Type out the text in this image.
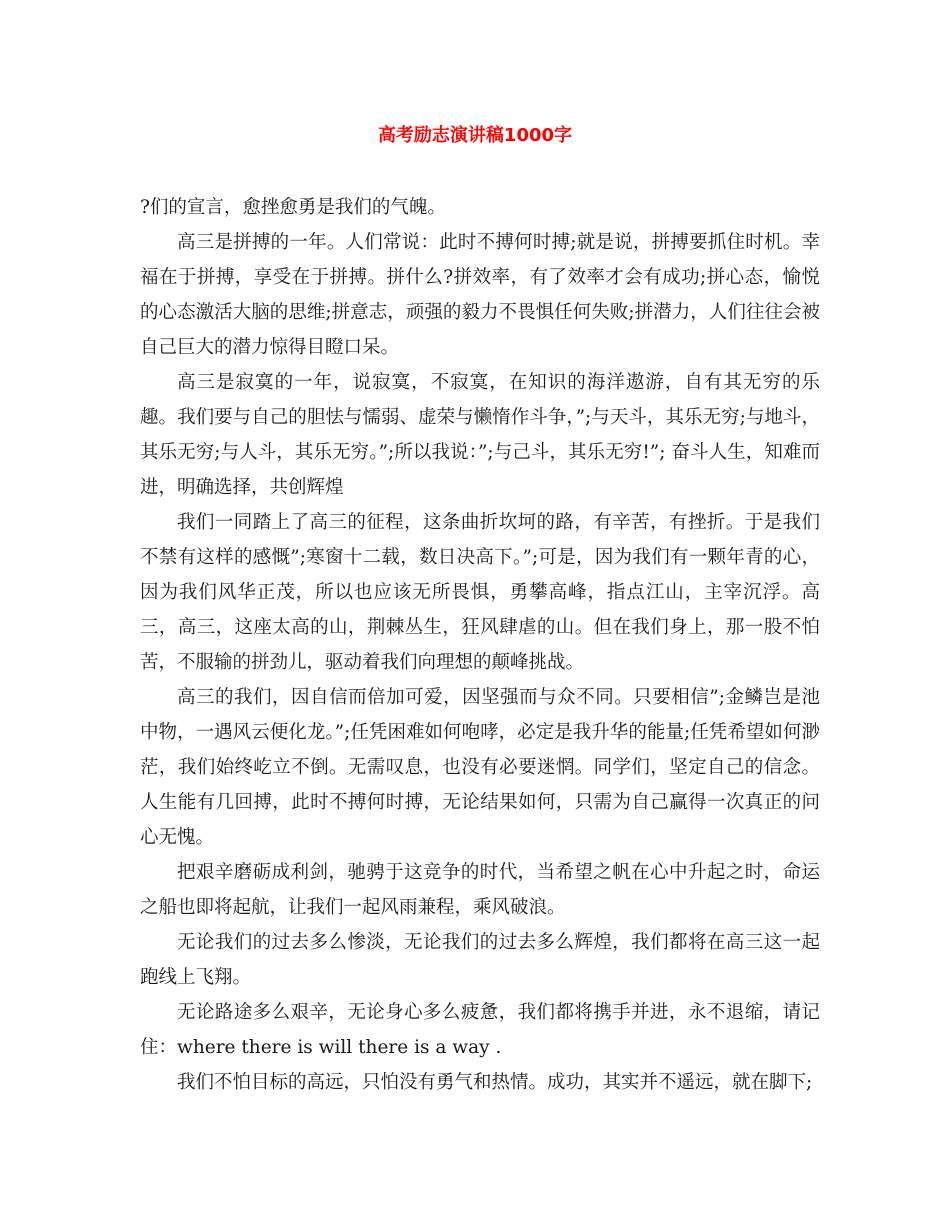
高考励志演讲稿1000字

?们的宣言，愈挫愈勇是我们的气魄。

高三是拼搏的一年。人们常说：此时不搏何时搏;就是说，拼搏要抓住时机。幸福在于拼搏，享受在于拼搏。拼什么?拼效率，有了效率才会有成功;拼心态，愉悦的心态激活大脑的思维;拼意志，顽强的毅力不畏惧任何失败;拼潜力，人们往往会被自己巨大的潜力惊得目瞪口呆。

高三是寂寞的一年，说寂寞，不寂寞，在知识的海洋遨游，自有其无穷的乐趣。我们要与自己的胆怯与懦弱、虚荣与懒惰作斗争，”;与天斗，其乐无穷;与地斗，其乐无穷;与人斗，其乐无穷。”;所以我说：”;与己斗，其乐无穷!”; 奋斗人生，知难而进，明确选择，共创辉煌

我们一同踏上了高三的征程，这条曲折坎坷的路，有辛苦，有挫折。于是我们不禁有这样的感慨”;寒窗十二载，数日决高下。”;可是，因为我们有一颗年青的心，因为我们风华正茂，所以也应该无所畏惧，勇攀高峰，指点江山，主宰沉浮。高三，高三，这座太高的山，荆棘丛生，狂风肆虐的山。但在我们身上，那一股不怕苦，不服输的拼劲儿，驱动着我们向理想的颠峰挑战。

高三的我们，因自信而倍加可爱，因坚强而与众不同。只要相信”;金鳞岂是池中物，一遇风云便化龙。”;任凭困难如何咆哮，必定是我升华的能量;任凭希望如何渺茫，我们始终屹立不倒。无需叹息，也没有必要迷惘。同学们，坚定自己的信念。人生能有几回搏，此时不搏何时搏，无论结果如何，只需为自己赢得一次真正的问心无愧。

把艰辛磨砺成利剑，驰骋于这竞争的时代，当希望之帆在心中升起之时，命运之船也即将起航，让我们一起风雨兼程，乘风破浪。

无论我们的过去多么惨淡，无论我们的过去多么辉煌，我们都将在高三这一起跑线上飞翔。

无论路途多么艰辛，无论身心多么疲惫，我们都将携手并进，永不退缩，请记住：where there is will there is a way .

我们不怕目标的高远，只怕没有勇气和热情。成功，其实并不遥远，就在脚下;
